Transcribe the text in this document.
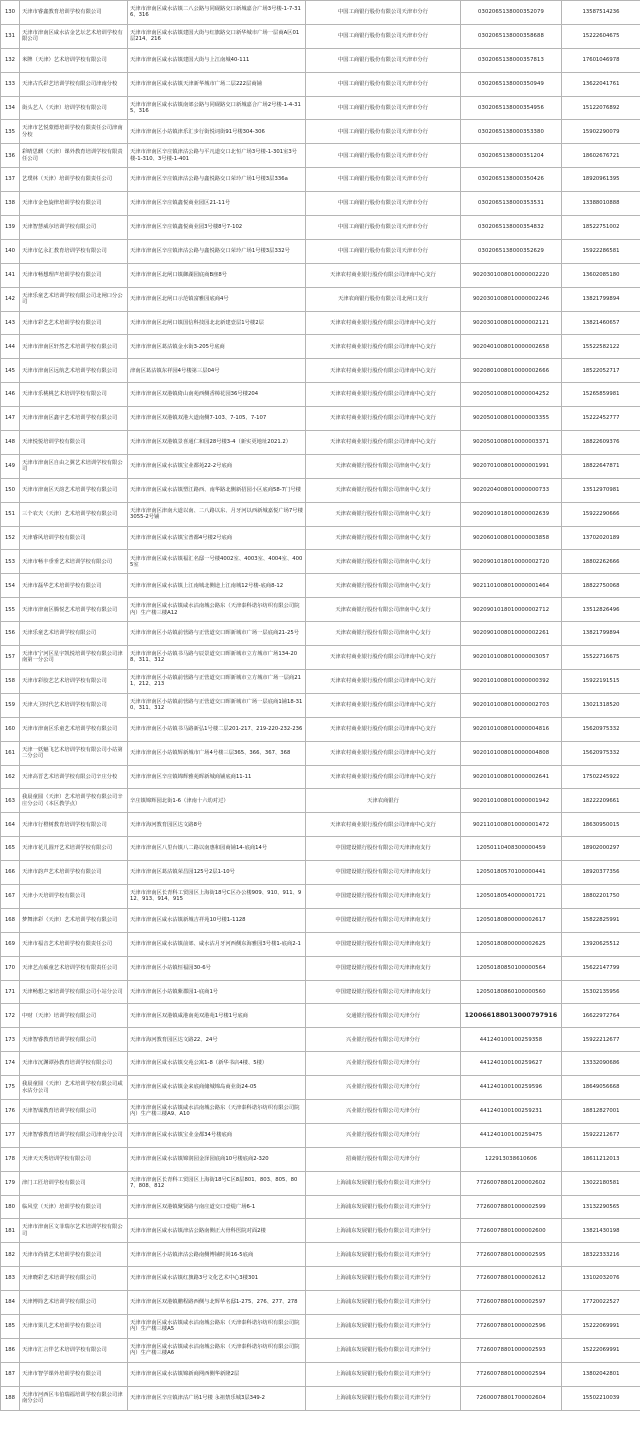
130	天津市睿鑫教育培训学校有限公司	天津市津南区咸水沽镇二八公路与同砚路交口新城嘉合广场3号楼-1-7-316、316	中国工商银行股份有限公司天津市分行	0302065138000352079	13587514236
131	天津市津南区咸水沽金艺坛艺术培训学校有限公司	天津市津南区咸水沽镇建国大街与红旗路交口新华城市广场一层商A区01层214、216	中国工商银行股份有限公司天津市分行	0302065138000358688	15222604675
132	米牌（天津）艺术培训学校有限公司	天津市津南区咸水沽镇建国大街与上江南城40-111	中国工商银行股份有限公司天津市分行	0302065138000357813	17601046978
133	天津古氏彩艺培训学校有限公司津南分校	天津市津南区咸水沽镇天津新华城市广场二层222层商铺	中国工商银行股份有限公司天津市分行	0302065138000350949	13622041761
134	街头艺人（天津）培训学校有限公司	天津市津南区咸水沽镇南郊公路与同砚路交口新城嘉合广场2号楼-1-4-315、316	中国工商银行股份有限公司天津市分行	0302065138000354956	15122076892
135	天津市艺悦蒙德培训学校有限责任公司津南分校	天津市津南区小站镇津乐汇步行街悦词街91号楼304-306	中国工商银行股份有限公司天津市分行	0302065138000353380	15902290079
136	彩晴思麒（天津）课外教育培训学校有限责任公司	天津市津南区辛庄镇津沽公路与平凡道交口北恒广场3号楼-1-301室3号楼-1-310、3号楼-1-401	中国工商银行股份有限公司天津市分行	0302065138000351204	18602676721
137	艺璞林（天津）培训学校有限责任公司	天津市津南区辛庄镇津沽公路与鑫悦路交口荣玲广场1号楼3层336a	中国工商银行股份有限公司天津市分行	0302065138000350426	18920961395
138	天津市金色旋律培训学校有限公司	天津市津南区辛庄镇鑫悦商业园区21-11号	中国工商银行股份有限公司天津市分行	0302065138000353531	13388010888
139	天津智慧威尔培训学校有限公司	天津市津南区辛庄镇鑫悦商业园3号楼8号7-102	中国工商银行股份有限公司天津市分行	0302065138000354832	18522751002
140	天津市亿永汇教育培训学校有限公司	天津市津南区辛庄镇津沽公路与鑫悦路交口荣玲广场1号楼3层332号	中国工商银行股份有限公司天津市分行	0302065138000352629	15922286581
141	天津市畅想理声培训学校有限公司	天津市津南区北闸口镇御湖园底商B座8号	天津农村商业银行股份有限公司津南中心支行	9020301008010000002220	13602085180
142	天津乐童艺术培训学校有限公司北闸口分公司	天津市津南区北闸口示范镇富雅园底商4号	天津农商银行股份有限公司北闸口支行	9020301008010000002246	13821799894
143	天津市彩艺艺术培训学校有限公司	天津市津南区北闸口镇国信科技园北北新建壹层1号楼2层	天津农村商业银行股份有限公司津南中心支行	9020301008010000002121	13821460657
144	天津市津南区轩然艺术培训学校有限公司	天津市津南区葛沽镇金水街3-205号底商	天津农村商业银行股份有限公司津南中心支行	9020401008010000002658	15522582122
145	天津市津南区远航艺术培训学校有限公司	津南区葛沽镇东祥园4号楼第三层04号	天津农村商业银行股份有限公司津南中心支行	9020801008010000002666	18522052717
146	天津市乐桃桃艺术培训学校有限公司	天津市津南区双港镇倚山南苑西侧香樟花园36号楼204	天津农村商业银行股份有限公司津南中心支行	9020501008010000004252	15265859981
147	天津市津南区鑫宇艺术培训学校有限公司	天津市津南区双港镇双港大道南侧7-103、7-105、7-107	天津农村商业银行股份有限公司津南中心支行	9020501008010000003355	15222452777
148	天津悦悦培训学校有限公司	天津市津南区双港镇景喜通仁和园28号楼3-4（新实更地址2021.2）	天津农村商业银行股份有限公司津南中心支行	9020501008010000003371	18822609376
149	天津市津南区自由之翼艺术培训学校有限公司	天津市津南区咸水沽镇宝业都苑22-2号底商	天津农商银行股份有限公司津南中心支行	9020701008010000001991	18822647871
150	天津市津南区天韵艺术培训学校有限公司	天津市津南区咸水沽镇塑江路西、南华路北侧新招园小区底商58-7门号楼	天津农商银行股份有限公司津南中心支行	9020204008010000000733	13512970981
151	三个农夫（天津）艺术培训学校有限公司	天津市津南区津南大道以南、二八路以东、月牙河以西新城嘉悦广场7号楼3055-2号铺	天津农商银行股份有限公司津南中心支行	9020901018010000002639	15922290666
152	天津睿风培训学校有限公司	天津市津南区咸水沽镇宝普都4号楼2号底商	天津农商银行股份有限公司津南中心支行	9020601008010000003858	13702020189
153	天津市畅丰垂垂艺术培训学校有限公司	天津市津南区咸水沽镇福汇名邸一号楼4002室、4003室、4004室、4005室	天津农商银行股份有限公司津南中心支行	9020901018010000002720	18802262666
154	天津市磊华艺术培训学校有限公司	天津市津南区咸水沽镇上江南城北侧途上江南城12号楼-底商8-12	天津农商银行股份有限公司津南中心支行	9021101008010000001464	18822750068
155	天津市津南区腾悦艺术培训学校有限公司	天津市津南区咸水沽镇咸水沽南城公路东（天津泰科诺尔纺织有限公司院内）生产楼三楼A12	天津农商银行股份有限公司津南中心支行	9020901018010000002712	13512826496
156	天津乐童艺术培训学校有限公司	天津市津南区小站镇前营路与正营道交口晖新城市广场一层底商21-25号	天津农商银行股份有限公司津南中心支行	9020901008010000002261	13821799894
157	天津市宁河区星宇凯悦培训学校有限公司津南第一分公司	天津市津南区小站镇书马路与辰景道交口晖新城市立方城市广场134-208、311、312	天津农村商业银行股份有限公司津南中心支行	9020101008010000003057	15522716675
158	天津市彩胶艺艺术培训学校有限公司	天津市津南区小站镇前营路与正营道交口晖新城市立方城市广场一层商211、212、213	天津农村商业银行股份有限公司津南中心支行	9020101008010000000392	15922191515
159	天津大卫时代艺术培训学校有限公司	天津市津南区小站镇前营路与正营道交口晖新城市广场一层底商1铺18-310、311、312	天津农村商业银行股份有限公司津南中心支行	9020101008010000002703	13021318520
160	天津市津南区乐童艺术培训学校有限公司	天津市津南区小站镇书马路新弘1号楼二层201-217、219-220-232-236	天津农村商业银行股份有限公司津南中心支行	9020101008010000004816	15620975332
161	天津一妖魅飞艺术培训学校有限公司小站第二分公司	天津市津南区小站镇辉新城市广场4号楼三层365、366、367、368	天津农村商业银行股份有限公司津南中心支行	9020101008010000004808	15620975332
162	天津高晋艺术培训学校有限公司辛庄分校	天津市津南区辛庄镇锦辉雅苑晖新城商铺底商11-11	天津农村商业银行股份有限公司津南中心支行	9020101008010000002641	17502245922
163	我晨童圆（天津）艺术培训学校有限公司辛庄分公司（本区教学点）	辛庄镇锦辉园北街1-6（津南十六幼对过）	天津农商银行	9020101008010000001942	18222209661
164	天津市行橙树教育培训学校有限公司	天津市海河教育园区达文路8号	天津农村商业银行股份有限公司津南中心支行	9021101008010000001472	18630950015
165	天津市花儿圆开艺术培训学校有限公司	天津市津南区八里台镇八二路以南惠和园商铺14-底商14号	中国建设银行股份有限公司天津津南支行	12050110408300000459	18902000297
166	天津市韵声艺术培训学校有限公司	天津市津南区葛沽镇荣昌园125号2层1-10号	中国建设银行股份有限公司天津津南支行	12050180570100000441	18920377356
167	天津小天培训学校有限公司	天津市津南区长青科工贸园区上海街18号C区办公楼909、910、911、912、913、914、915	中国建设银行股份有限公司天津津南支行	12050180540000001721	18802201750
168	梦舞津彩（天津）艺术培训学校有限公司	天津市津南区咸水沽镇新城吉祥苑10号楼1-1128	中国建设银行股份有限公司天津津南支行	12050180800000002617	15822825991
169	天津市福音艺术培训学校有限责任公司	天津市津南区咸水沽镇前郊、咸水沽月牙河西侧东海雅园3号楼1-底商2-1	中国建设银行股份有限公司天津津南支行	12050180800000002625	13920625512
170	天津艺点硕童艺术培训学校有限责任公司	天津市津南区小站镇恒福园30-6号	中国建设银行股份有限公司天津津南支行	12050180850100000564	15622147799
171	天津畅想之家培训学校有限公司小站分公司	天津市津南区小站镇紫郡园1-底商1号	中国建设银行股份有限公司天津津南支行	12050180860100000560	15302135956
172	中财（天津）培训学校有限公司	天津市津南区双港镇咸港南苑双港苑1号楼1号底商	交通银行股份有限公司天津分行	120066188013000797916	16622972764
173	天津智睿教育培训学校有限公司	天津市海河教育园区达文路22、24号	兴业银行股份有限公司天津分行	441240100100259358	15922212677
174	天津市沉渊谭孙教育培训学校有限公司	天津市津南区咸水沽镇交苑公寓1-8（新华书店4楼、5楼）	兴业银行股份有限公司天津分行	441240100100259627	13332090686
175	我晨童圆（天津）艺术培训学校有限公司咸水沽分公司	天津市津南区咸水沽镇金来底商储城锦岛商业街24-05	兴业银行股份有限公司天津分行	441240100100259596	18649056668
176	天津智谋教育培训学校有限公司	天津市津南区咸水沽镇咸水沽南城公路东（天津泰科诺尔纺织有限公司院内）生产楼三楼A9、A10	兴业银行股份有限公司天津分行	441240100100259231	18812827001
177	天津智睿教育培训学校有限公司津南分公司	天津市津南区咸水沽镇宝业金都34号楼底商	兴业银行股份有限公司天津分行	441240100100259475	15922212677
178	天津天天秀培训学校有限公司	天津市津南区咸水沽镇锦润园金泽园底商10号楼底商2-320	招商银行股份有限公司天津分行	122913038610606	18611212013
179	津门工匠培训学校有限公司	天津市津南区长青科工贸园区上海街18号C区8层801、803、805、807、808、812	上海浦东发展银行股份有限公司天津分行	77260078801200002602	13022180581
180	临风堂（天津）培训学校有限公司	天津市津南区双港镇聚贤路与南庄道交口壹缇广场6-1	上海浦东发展银行股份有限公司天津分行	77260078801000002599	13132290565
181	天津市津南区文菲瑞尔艺术培训学校有限公司	天津市津南区咸水沽镇津沽公路南侧正大骨科医院对面2楼	上海浦东发展银行股份有限公司天津分行	77260078801000002600	13821430198
182	天津市尚倩艺术培训学校有限公司	天津市津南区小站镇津沽公路南侧博铺时尚16-5底商	上海浦东发展银行股份有限公司天津分行	77260078801000002595	18322333216
183	天津晓彩艺术培训学校有限公司	天津市津南区咸水沽镇红旗路3号文化艺术中心3楼301	上海浦东发展银行股份有限公司天津分行	77260078801000002612	13102032076
184	天津博简艺术培训学校有限公司	天津市津南区双港镇鹏程路西侧与北辉华名邸1-275、276、277、278	上海浦东发展银行股份有限公司天津分行	77260078801000002597	17720022527
185	天津市果儿艺术培训学校有限公司	天津市津南区咸水沽镇咸水沽南城公路东（天津泰科诺尔纺织有限公司院内）生产楼三楼A5	上海浦东发展银行股份有限公司天津分行	77260078801000002596	15222069991
186	天津市汇言伴艺术培训学校有限公司	天津市津南区咸水沽镇咸水沽南城公路东（天津泰科诺尔纺织有限公司院内）生产楼三楼A6	上海浦东发展银行股份有限公司天津分行	77260078801000002593	15222069991
187	天津市智学课外培训学校有限公司	天津市津南区咸水沽镇锦新商网西侧华新隆2层	上海浦东发展银行股份有限公司天津分行	77260078801000002594	13802042801
188	天津市河西区韦伯瑞福培训学校有限公司津南分公司	天津市津南区辛庄镇津沽广场1号楼 永祖禁乐城3层349-2	上海浦东发展银行股份有限公司天津分行	72600078801700002604	15502210039
